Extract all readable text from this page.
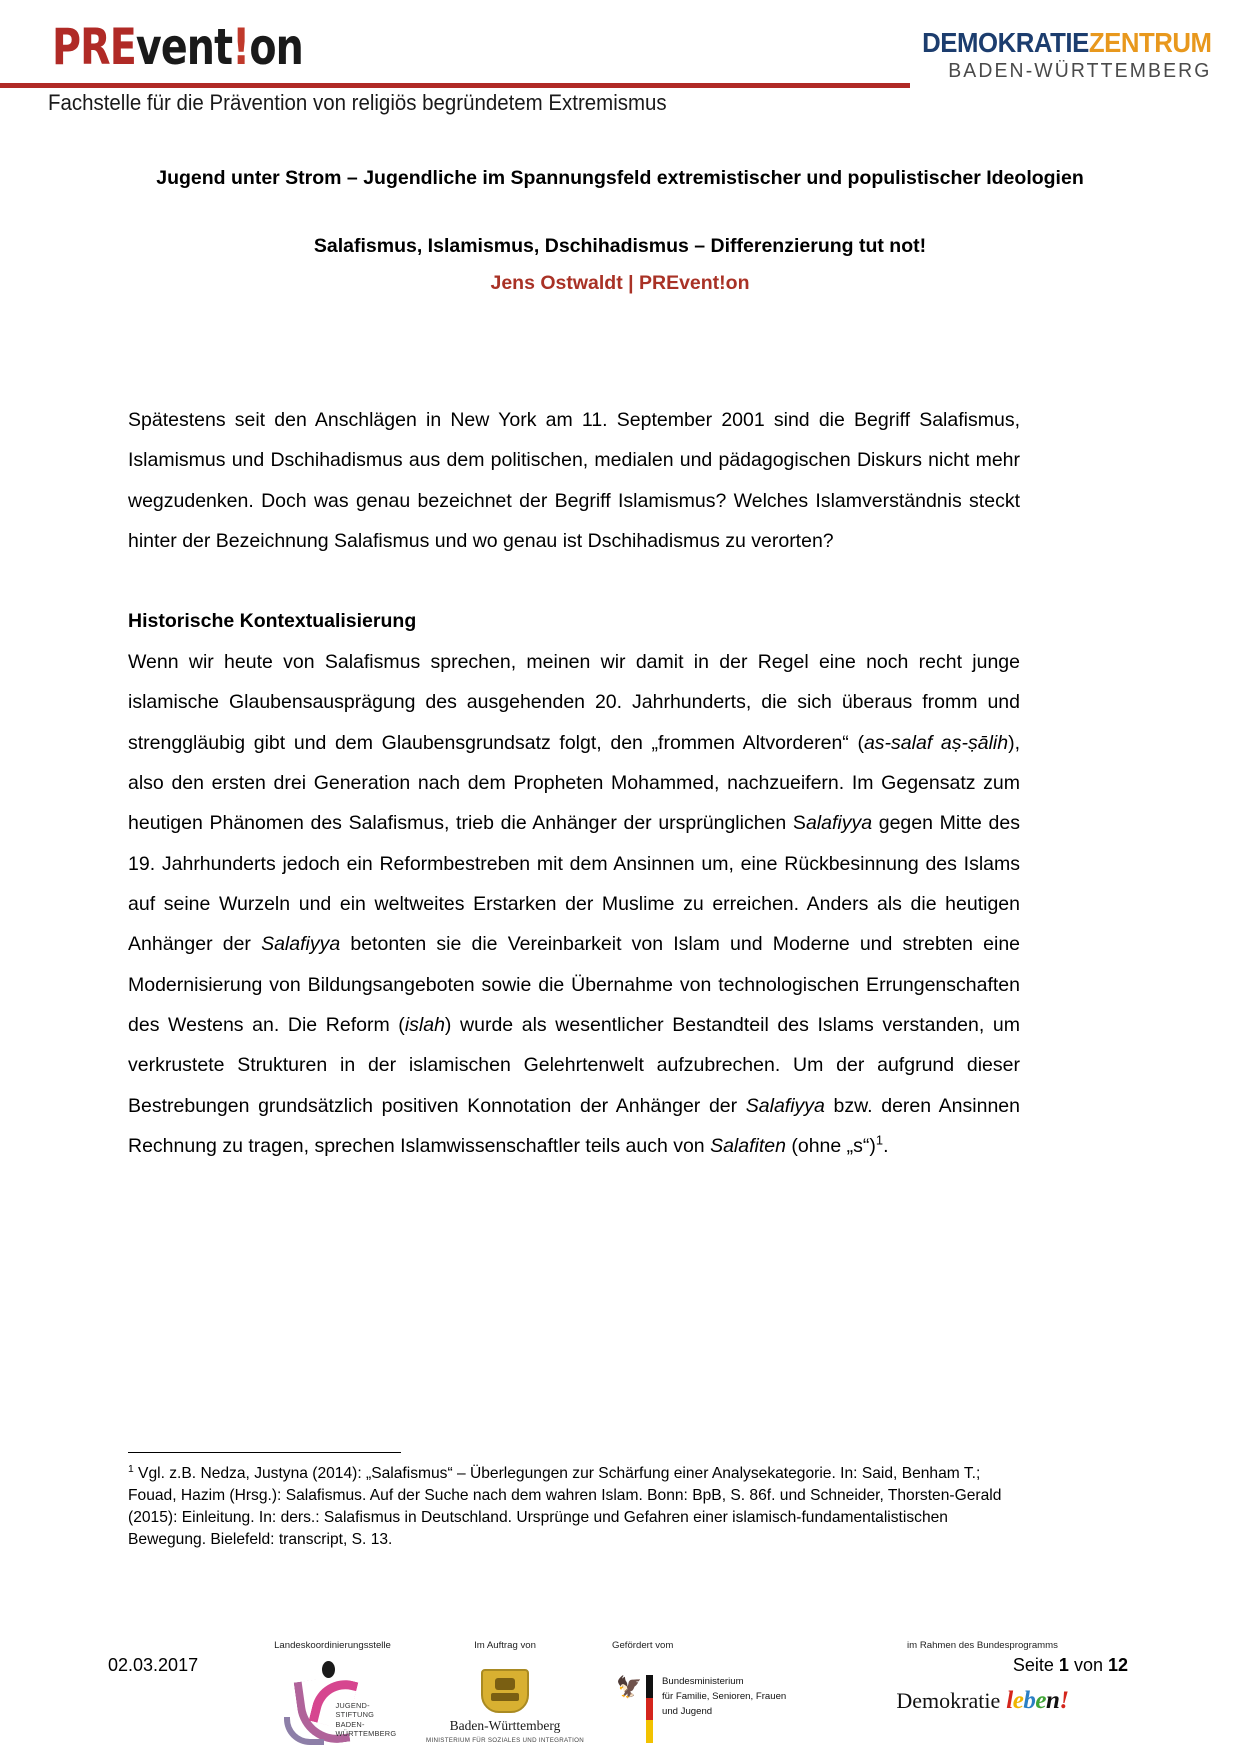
PREvent!on
Fachstelle für die Prävention von religiös begründetem Extremismus
DEMOKRATIEZENTRUM
BADEN-WÜRTTEMBERG
Jugend unter Strom – Jugendliche im Spannungsfeld extremistischer und populistischer Ideologien
Salafismus, Islamismus, Dschihadismus – Differenzierung tut not!
Jens Ostwaldt | PREvent!on

Spätestens seit den Anschlägen in New York am 11. September 2001 sind die Begriff Salafismus, Islamismus und Dschihadismus aus dem politischen, medialen und pädagogischen Diskurs nicht mehr wegzudenken. Doch was genau bezeichnet der Begriff Islamismus? Welches Islamverständnis steckt hinter der Bezeichnung Salafismus und wo genau ist Dschihadismus zu verorten?

Historische Kontextualisierung

Wenn wir heute von Salafismus sprechen, meinen wir damit in der Regel eine noch recht junge islamische Glaubensausprägung des ausgehenden 20. Jahrhunderts, die sich überaus fromm und strenggläubig gibt und dem Glaubensgrundsatz folgt, den „frommen Altvorderen“ (as-salaf aṣ-ṣālih), also den ersten drei Generation nach dem Propheten Mohammed, nachzueifern. Im Gegensatz zum heutigen Phänomen des Salafismus, trieb die Anhänger der ursprünglichen Salafiyya gegen Mitte des 19. Jahrhunderts jedoch ein Reformbestreben mit dem Ansinnen um, eine Rückbesinnung des Islams auf seine Wurzeln und ein weltweites Erstarken der Muslime zu erreichen. Anders als die heutigen Anhänger der Salafiyya betonten sie die Vereinbarkeit von Islam und Moderne und strebten eine Modernisierung von Bildungsangeboten sowie die Übernahme von technologischen Errungenschaften des Westens an. Die Reform (islah) wurde als wesentlicher Bestandteil des Islams verstanden, um verkrustete Strukturen in der islamischen Gelehrtenwelt aufzubrechen. Um der aufgrund dieser Bestrebungen grundsätzlich positiven Konnotation der Anhänger der Salafiyya bzw. deren Ansinnen Rechnung zu tragen, sprechen Islamwissenschaftler teils auch von Salafiten (ohne „s“)$^1$.

$^1$ Vgl. z.B. Nedza, Justyna (2014): „Salafismus“ – Überlegungen zur Schärfung einer Analysekategorie. In: Said, Benham T.; Fouad, Hazim (Hrsg.): Salafismus. Auf der Suche nach dem wahren Islam. Bonn: BpB, S. 86f. und Schneider, Thorsten-Gerald (2015): Einleitung. In: ders.: Salafismus in Deutschland. Ursprünge und Gefahren einer islamisch-fundamentalistischen Bewegung. Bielefeld: transcript, S. 13.
02.03.2017	Seite 1 von 12
Landeskoordinierungsstelle
JUGEND-
STIFTUNG
BADEN-
WÜRTTEMBERG
Im Auftrag von
Baden-Württemberg
MINISTERIUM FÜR SOZIALES UND INTEGRATION
Gefördert vom
🦅 Bundesministerium
für Familie, Senioren, Frauen
und Jugend
im Rahmen des Bundesprogramms
Demokratie leben!
